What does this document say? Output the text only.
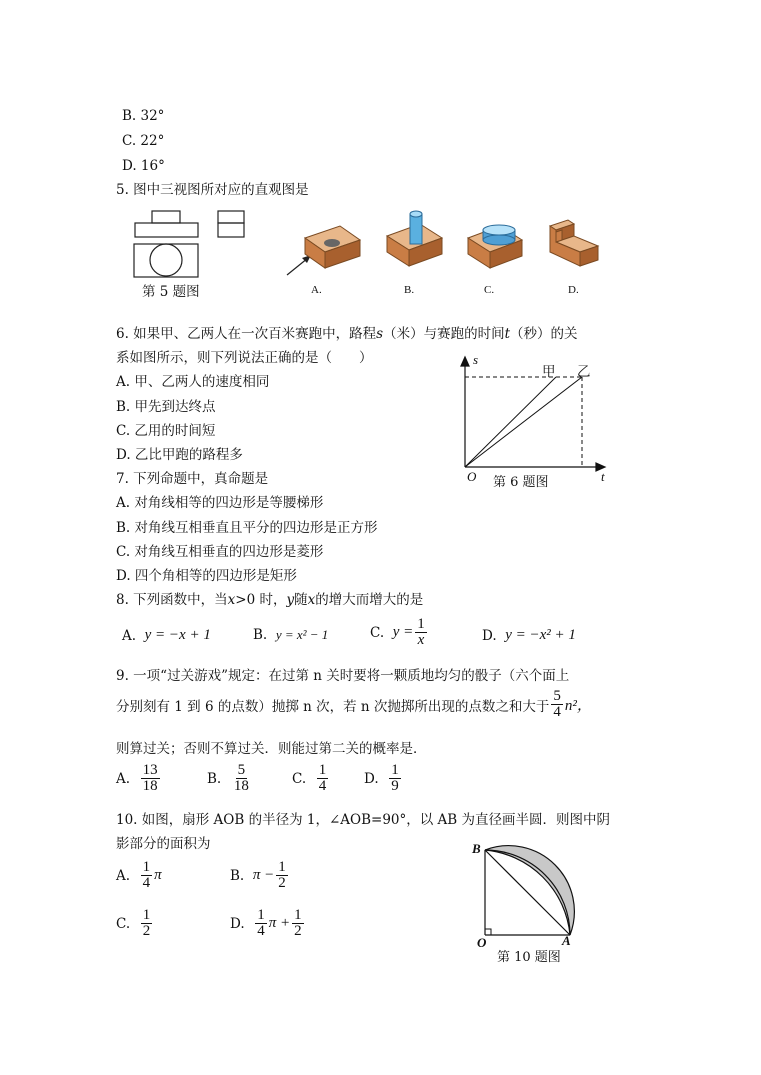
B. 32°
C. 22°
D. 16°
5. 图中三视图所对应的直观图是
第 5 题图	A.	B.	C.	D.
6. 如果甲、乙两人在一次百米赛跑中，路程s（米）与赛跑的时间t（秒）的关
系如图所示，则下列说法正确的是（　　）
A. 甲、乙两人的速度相同
B. 甲先到达终点
C. 乙用的时间短
D. 乙比甲跑的路程多
s
甲 乙
O 第 6 题图	t
7. 下列命题中，真命题是
A. 对角线相等的四边形是等腰梯形
B. 对角线互相垂直且平分的四边形是正方形
C. 对角线互相垂直的四边形是菱形
D. 四个角相等的四边形是矩形
8. 下列函数中，当x>0 时，y随x的增大而增大的是
A.
y = −x + 1	B.
y = x² − 1	C.
$y = \frac{1}{x}$	D.
y = −x² + 1
9. 一项“过关游戏”规定：在过第 n 关时要将一颗质地均匀的骰子（六个面上
分别刻有 1 到 6 的点数）抛掷 n 次，若 n 次抛掷所出现的点数之和大于 $\frac{5}{4} n^2$，
则算过关；否则不算过关．则能过第二关的概率是．
A.
$\frac{13}{18}$	B.
$\frac{5}{18}$	C.
$\frac{1}{4}$	D.
$\frac{1}{9}$
10. 如图，扇形 AOB 的半径为 1，∠AOB=90°，以 AB 为直径画半圆．则图中阴
影部分的面积为
A.
$\frac{1}{4}$ π	B.
$\pi - \frac{1}{2}$
C.
$\frac{1}{2}$	D.
$\frac{1}{4}$ $\pi + \frac{1}{2}$
B
O	A
第 10 题图
